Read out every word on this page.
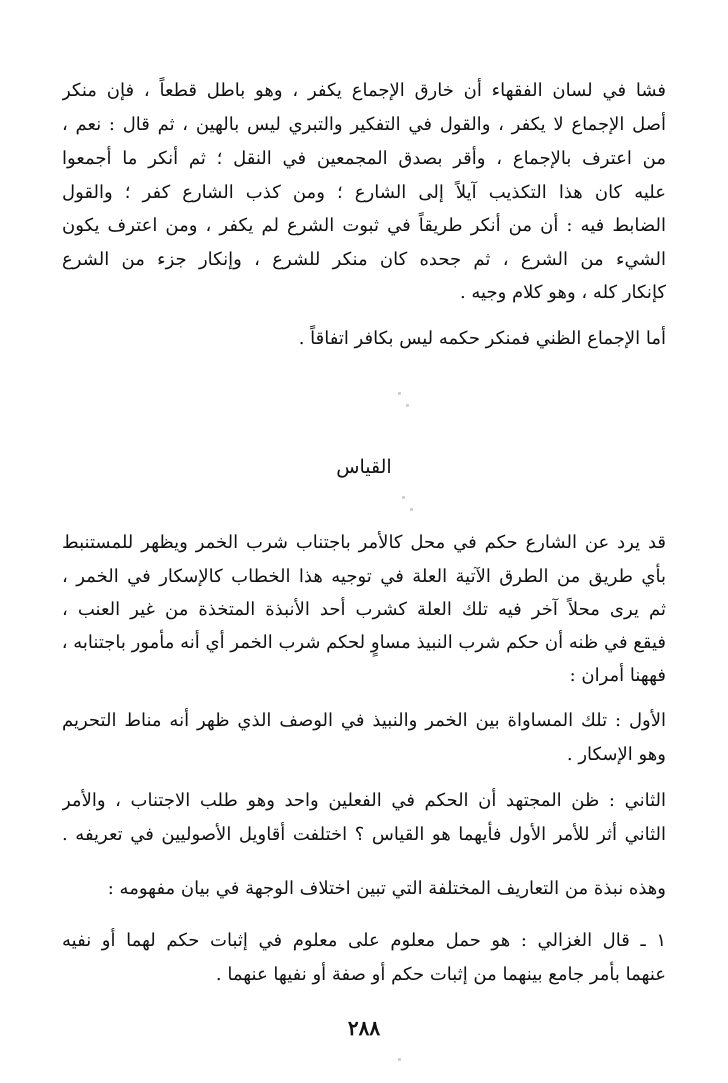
فشا في لسان الفقهاء أن خارق الإجماع يكفر ، وهو باطل قطعاً ، فإن منكر
أصل الإجماع لا يكفر ، والقول في التفكير والتبري ليس بالهين ، ثم قال : نعم ،
من اعترف بالإجماع ، وأقر بصدق المجمعين في النقل ؛ ثم أنكر ما أجمعوا
عليه كان هذا التكذيب آيلاً إلى الشارع ؛ ومن كذب الشارع كفر ؛ والقول
الضابط فيه : أن من أنكر طريقاً في ثبوت الشرع لم يكفر ، ومن اعترف يكون
الشيء من الشرع ، ثم جحده كان منكر للشرع ، وإنكار جزء من الشرع
كإنكار كله ، وهو كلام وجيه .
أما الإجماع الظني فمنكر حكمه ليس بكافر اتفاقاً .
القياس
قد يرد عن الشارع حكم في محل كالأمر باجتناب شرب الخمر ويظهر للمستنبط
بأي طريق من الطرق الآتية العلة في توجيه هذا الخطاب كالإسكار في الخمر ،
ثم يرى محلاً آخر فيه تلك العلة كشرب أحد الأنبذة المتخذة من غير العنب ،
فيقع في ظنه أن حكم شرب النبيذ مساوٍ لحكم شرب الخمر أي أنه مأمور باجتنابه ،
فههنا أمران :
الأول : تلك المساواة بين الخمر والنبيذ في الوصف الذي ظهر أنه مناط التحريم
وهو الإسكار .
الثاني : ظن المجتهد أن الحكم في الفعلين واحد وهو طلب الاجتناب ، والأمر
الثاني أثر للأمر الأول فأيهما هو القياس ؟ اختلفت أقاويل الأصوليين في تعريفه .
وهذه نبذة من التعاريف المختلفة التي تبين اختلاف الوجهة في بيان مفهومه :
١ ـ قال الغزالي : هو حمل معلوم على معلوم في إثبات حكم لهما أو نفيه
عنهما بأمر جامع بينهما من إثبات حكم أو صفة أو نفيها عنهما .
٢٨٨
